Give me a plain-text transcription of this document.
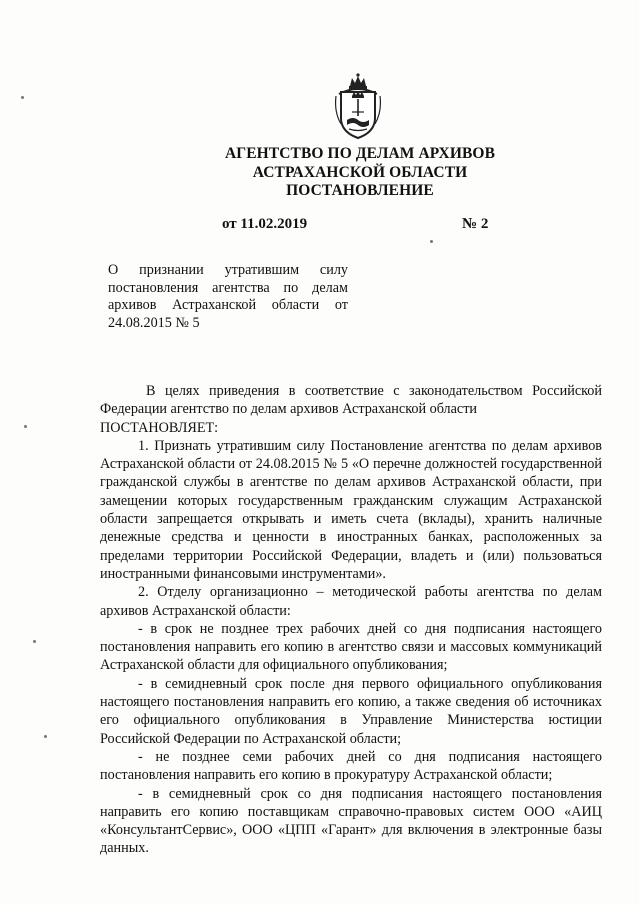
АГЕНТСТВО ПО ДЕЛАМ АРХИВОВ
АСТРАХАНСКОЙ ОБЛАСТИ
ПОСТАНОВЛЕНИЕ
от 11.02.2019	№ 2
О признании утратившим силу постановления агентства по делам архивов Астраханской области от 24.08.2015 № 5

В целях приведения в соответствие с законодательством Российской Федерации агентство по делам архивов Астраханской области

ПОСТАНОВЛЯЕТ:

1. Признать утратившим силу Постановление агентства по делам архивов Астраханской области от 24.08.2015 № 5 «О перечне должностей государственной гражданской службы в агентстве по делам архивов Астраханской области, при замещении которых государственным гражданским служащим Астраханской области запрещается открывать и иметь счета (вклады), хранить наличные денежные средства и ценности в иностранных банках, расположенных за пределами территории Российской Федерации, владеть и (или) пользоваться иностранными финансовыми инструментами».

2. Отделу организационно – методической работы агентства по делам архивов Астраханской области:

- в срок не позднее трех рабочих дней со дня подписания настоящего постановления направить его копию в агентство связи и массовых коммуникаций Астраханской области для официального опубликования;

- в семидневный срок после дня первого официального опубликования настоящего постановления направить его копию, а также сведения об источниках его официального опубликования в Управление Министерства юстиции Российской Федерации по Астраханской области;

- не позднее семи рабочих дней со дня подписания настоящего постановления направить его копию в прокуратуру Астраханской области;

- в семидневный срок со дня подписания настоящего постановления направить его копию поставщикам справочно-правовых систем ООО «АИЦ «КонсультантСервис», ООО «ЦПП «Гарант» для включения в электронные базы данных.
